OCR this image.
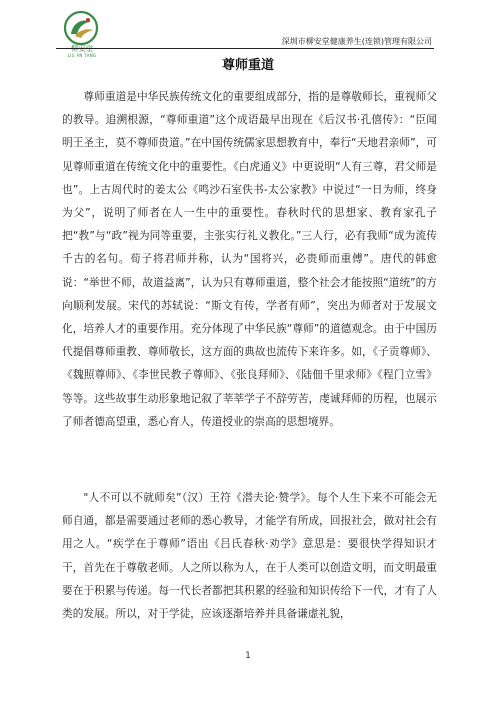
柳安堂
LIU AN TANG
深圳市柳安堂健康养生(连锁)管理有限公司
尊师重道

尊师重道是中华民族传统文化的重要组成部分，指的是尊敬师长，重视师父的教导。追溯根源，“尊师重道”这个成语最早出现在《后汉书·孔僖传》：“臣闻明王圣主，莫不尊师贵道。”在中国传统儒家思想教育中，奉行“天地君亲师”，可见尊师重道在传统文化中的重要性。《白虎通义》中更说明“人有三尊，君父师是也”。上古周代时的姜太公《鸣沙石室佚书-太公家教》中说过“一日为师，终身为父”，说明了师者在人一生中的重要性。春秋时代的思想家、教育家孔子把“教”与“政”视为同等重要，主张实行礼义教化。”三人行，必有我师“成为流传千古的名句。荀子将君师并称，认为“国将兴，必贵师而重傅”。唐代的韩愈说：“举世不师，故道益离”，认为只有尊师重道，整个社会才能按照“道统”的方向顺利发展。宋代的苏轼说：“斯文有传，学者有师”，突出为师者对于发展文化，培养人才的重要作用。充分体现了中华民族“尊师”的道德观念。由于中国历代提倡尊师重教、尊师敬长，这方面的典故也流传下来许多。如，《子贡尊师》、《魏照尊师》、《李世民教子尊师》、《张良拜师》、《陆佃千里求师》《程门立雪》等等。这些故事生动形象地记叙了莘莘学子不辞劳苦，虔诚拜师的历程，也展示了师者德高望重，悉心育人，传道授业的崇高的思想境界。

"人不可以不就师矣”（汉）王符《潜夫论·赞学》。每个人生下来不可能会无师自通，都是需要通过老师的悉心教导，才能学有所成，回报社会，做对社会有用之人。“疾学在于尊师”语出《吕氏春秋·劝学》意思是：要很快学得知识才干，首先在于尊敬老师。人之所以称为人，在于人类可以创造文明，而文明最重要在于积累与传递。每一代长者都把其积累的经验和知识传给下一代，才有了人类的发展。所以，对于学徒，应该逐渐培养并具备谦虚礼貌，

1
